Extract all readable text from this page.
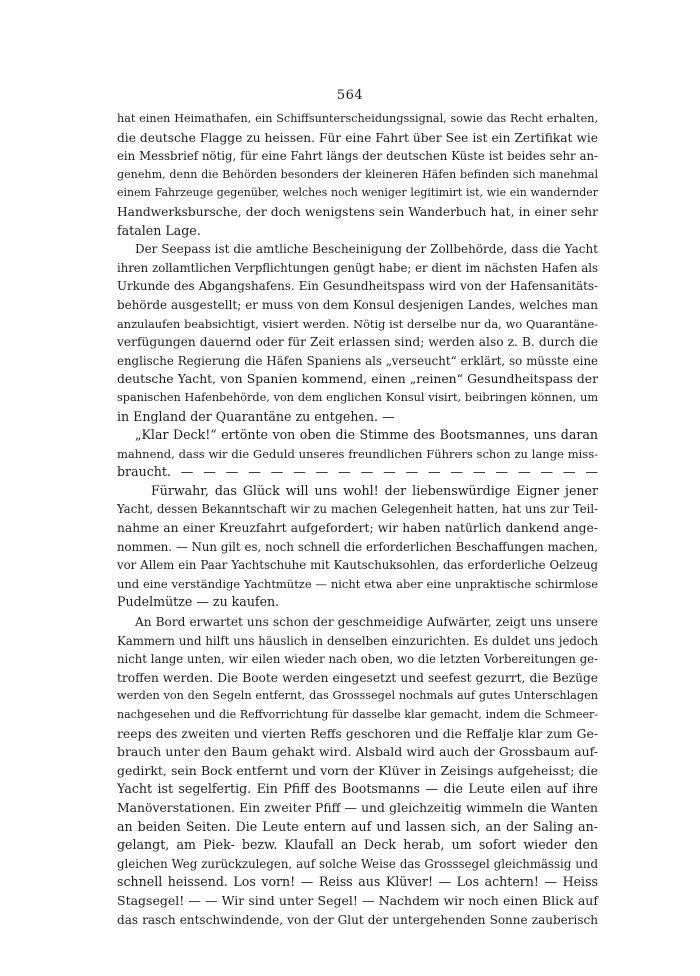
564
hat einen Heimathafen, ein Schiffsunterscheidungssignal, sowie das Recht erhalten,
die deutsche Flagge zu heissen. Für eine Fahrt über See ist ein Zertifikat wie
ein Messbrief nötig, für eine Fahrt längs der deutschen Küste ist beides sehr an-
genehm, denn die Behörden besonders der kleineren Häfen befinden sich manehmal
einem Fahrzeuge gegenüber, welches noch weniger legitimirt ist, wie ein wandernder
Handwerksbursche, der doch wenigstens sein Wanderbuch hat, in einer sehr
fatalen Lage.
Der Seepass ist die amtliche Bescheinigung der Zollbehörde, dass die Yacht
ihren zollamtlichen Verpflichtungen genügt habe; er dient im nächsten Hafen als
Urkunde des Abgangshafens. Ein Gesundheitspass wird von der Hafensanitäts-
behörde ausgestellt; er muss von dem Konsul desjenigen Landes, welches man
anzulaufen beabsichtigt, visiert werden. Nötig ist derselbe nur da, wo Quarantäne-
verfügungen dauernd oder für Zeit erlassen sind; werden also z. B. durch die
englische Regierung die Häfen Spaniens als „verseucht“ erklärt, so müsste eine
deutsche Yacht, von Spanien kommend, einen „reinen“ Gesundheitspass der
spanischen Hafenbehörde, von dem englichen Konsul visirt, beibringen können, um
in England der Quarantäne zu entgehen. —
„Klar Deck!“ ertönte von oben die Stimme des Bootsmannes, uns daran
mahnend, dass wir die Geduld unseres freundlichen Führers schon zu lange miss-
braucht. — — — — — — — — — — — — — — — — — — —
Fürwahr, das Glück will uns wohl! der liebenswürdige Eigner jener
Yacht, dessen Bekanntschaft wir zu machen Gelegenheit hatten, hat uns zur Teil-
nahme an einer Kreuzfahrt aufgefordert; wir haben natürlich dankend ange-
nommen. — Nun gilt es, noch schnell die erforderlichen Beschaffungen machen,
vor Allem ein Paar Yachtschuhe mit Kautschuksohlen, das erforderliche Oelzeug
und eine verständige Yachtmütze — nicht etwa aber eine unpraktische schirmlose
Pudelmütze — zu kaufen.
An Bord erwartet uns schon der geschmeidige Aufwärter, zeigt uns unsere
Kammern und hilft uns häuslich in denselben einzurichten. Es duldet uns jedoch
nicht lange unten, wir eilen wieder nach oben, wo die letzten Vorbereitungen ge-
troffen werden. Die Boote werden eingesetzt und seefest gezurrt, die Bezüge
werden von den Segeln entfernt, das Grosssegel nochmals auf gutes Unterschlagen
nachgesehen und die Reffvorrichtung für dasselbe klar gemacht, indem die Schmeer-
reeps des zweiten und vierten Reffs geschoren und die Reffalje klar zum Ge-
brauch unter den Baum gehakt wird. Alsbald wird auch der Grossbaum auf-
gedirkt, sein Bock entfernt und vorn der Klüver in Zeisings aufgeheisst; die
Yacht ist segelfertig. Ein Pfiff des Bootsmanns — die Leute eilen auf ihre
Manöverstationen. Ein zweiter Pfiff — und gleichzeitig wimmeln die Wanten
an beiden Seiten. Die Leute entern auf und lassen sich, an der Saling an-
gelangt, am Piek- bezw. Klaufall an Deck herab, um sofort wieder den
gleichen Weg zurückzulegen, auf solche Weise das Grosssegel gleichmässig und
schnell heissend. Los vorn! — Reiss aus Klüver! — Los achtern! — Heiss
Stagsegel! — — Wir sind unter Segel! — Nachdem wir noch einen Blick auf
das rasch entschwindende, von der Glut der untergehenden Sonne zauberisch
